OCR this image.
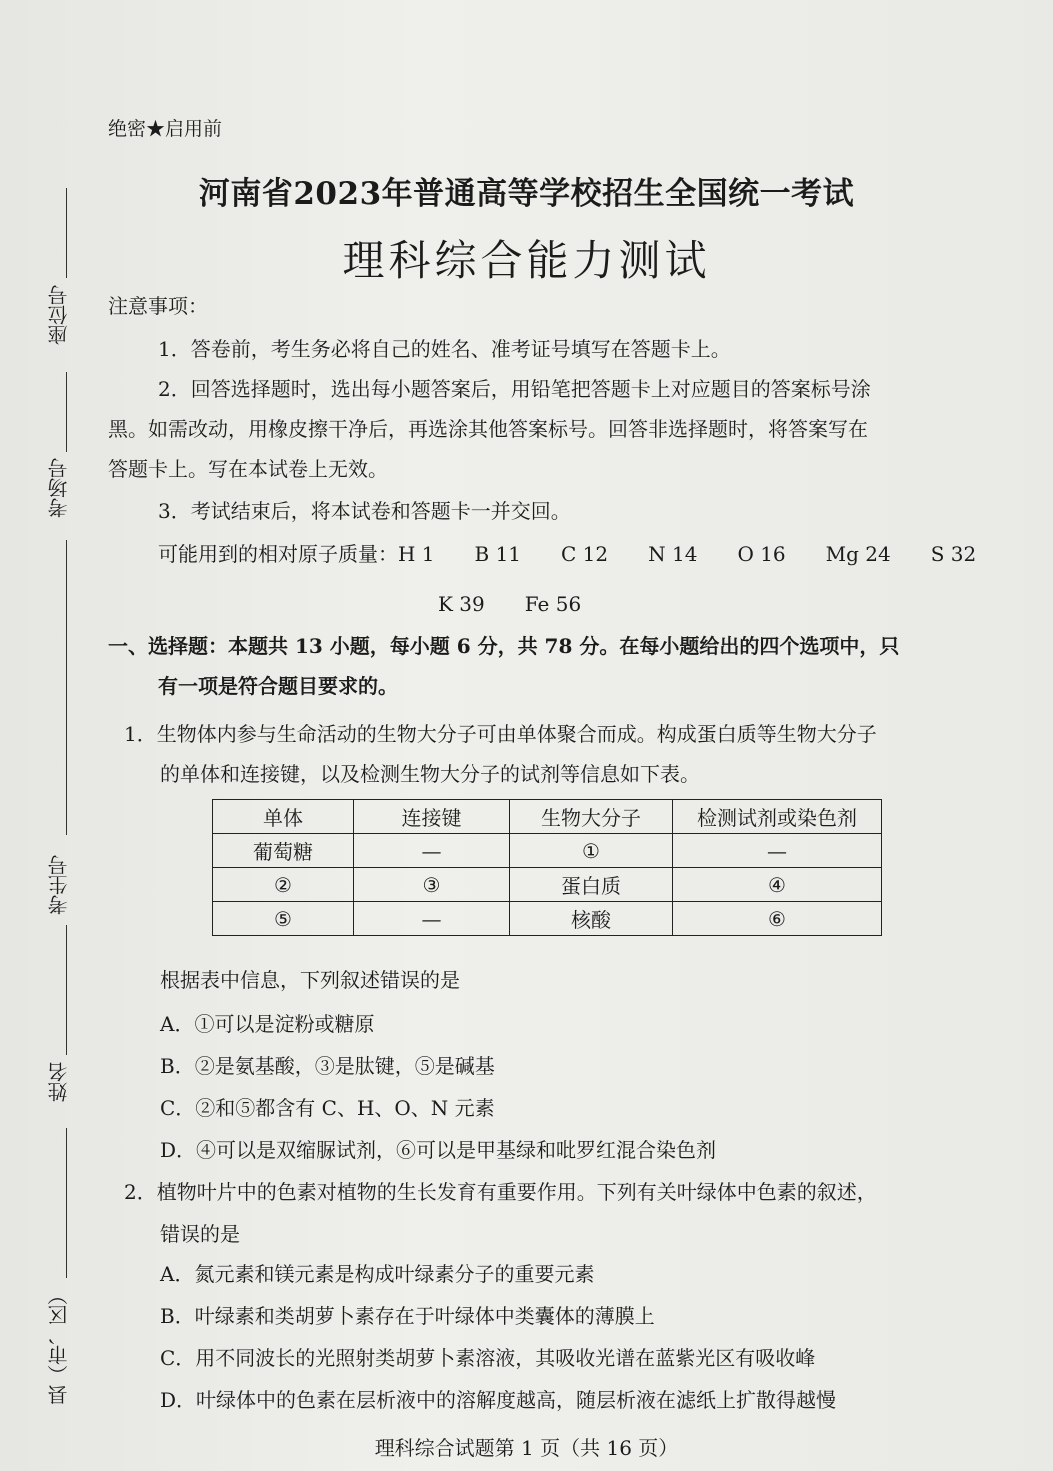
座位号
考场号
考生号
姓名
县（市、区）
绝密★启用前
河南省2023年普通高等学校招生全国统一考试
理科综合能力测试
注意事项：
1．答卷前，考生务必将自己的姓名、准考证号填写在答题卡上。
2．回答选择题时，选出每小题答案后，用铅笔把答题卡上对应题目的答案标号涂
黑。如需改动，用橡皮擦干净后，再选涂其他答案标号。回答非选择题时，将答案写在
答题卡上。写在本试卷上无效。
3．考试结束后，将本试卷和答题卡一并交回。
可能用到的相对原子质量：H 1　　B 11　　C 12　　N 14　　O 16　　Mg 24　　S 32
K 39　　Fe 56
一、选择题：本题共 13 小题，每小题 6 分，共 78 分。在每小题给出的四个选项中，只
有一项是符合题目要求的。
1．生物体内参与生命活动的生物大分子可由单体聚合而成。构成蛋白质等生物大分子
的单体和连接键，以及检测生物大分子的试剂等信息如下表。
单体	连接键	生物大分子	检测试剂或染色剂
葡萄糖	—	①	—
②	③	蛋白质	④
⑤	—	核酸	⑥
根据表中信息，下列叙述错误的是
A．①可以是淀粉或糖原
B．②是氨基酸，③是肽键，⑤是碱基
C．②和⑤都含有 C、H、O、N 元素
D．④可以是双缩脲试剂，⑥可以是甲基绿和吡罗红混合染色剂
2．植物叶片中的色素对植物的生长发育有重要作用。下列有关叶绿体中色素的叙述，
错误的是
A．氮元素和镁元素是构成叶绿素分子的重要元素
B．叶绿素和类胡萝卜素存在于叶绿体中类囊体的薄膜上
C．用不同波长的光照射类胡萝卜素溶液，其吸收光谱在蓝紫光区有吸收峰
D．叶绿体中的色素在层析液中的溶解度越高，随层析液在滤纸上扩散得越慢
理科综合试题第 1 页（共 16 页）
